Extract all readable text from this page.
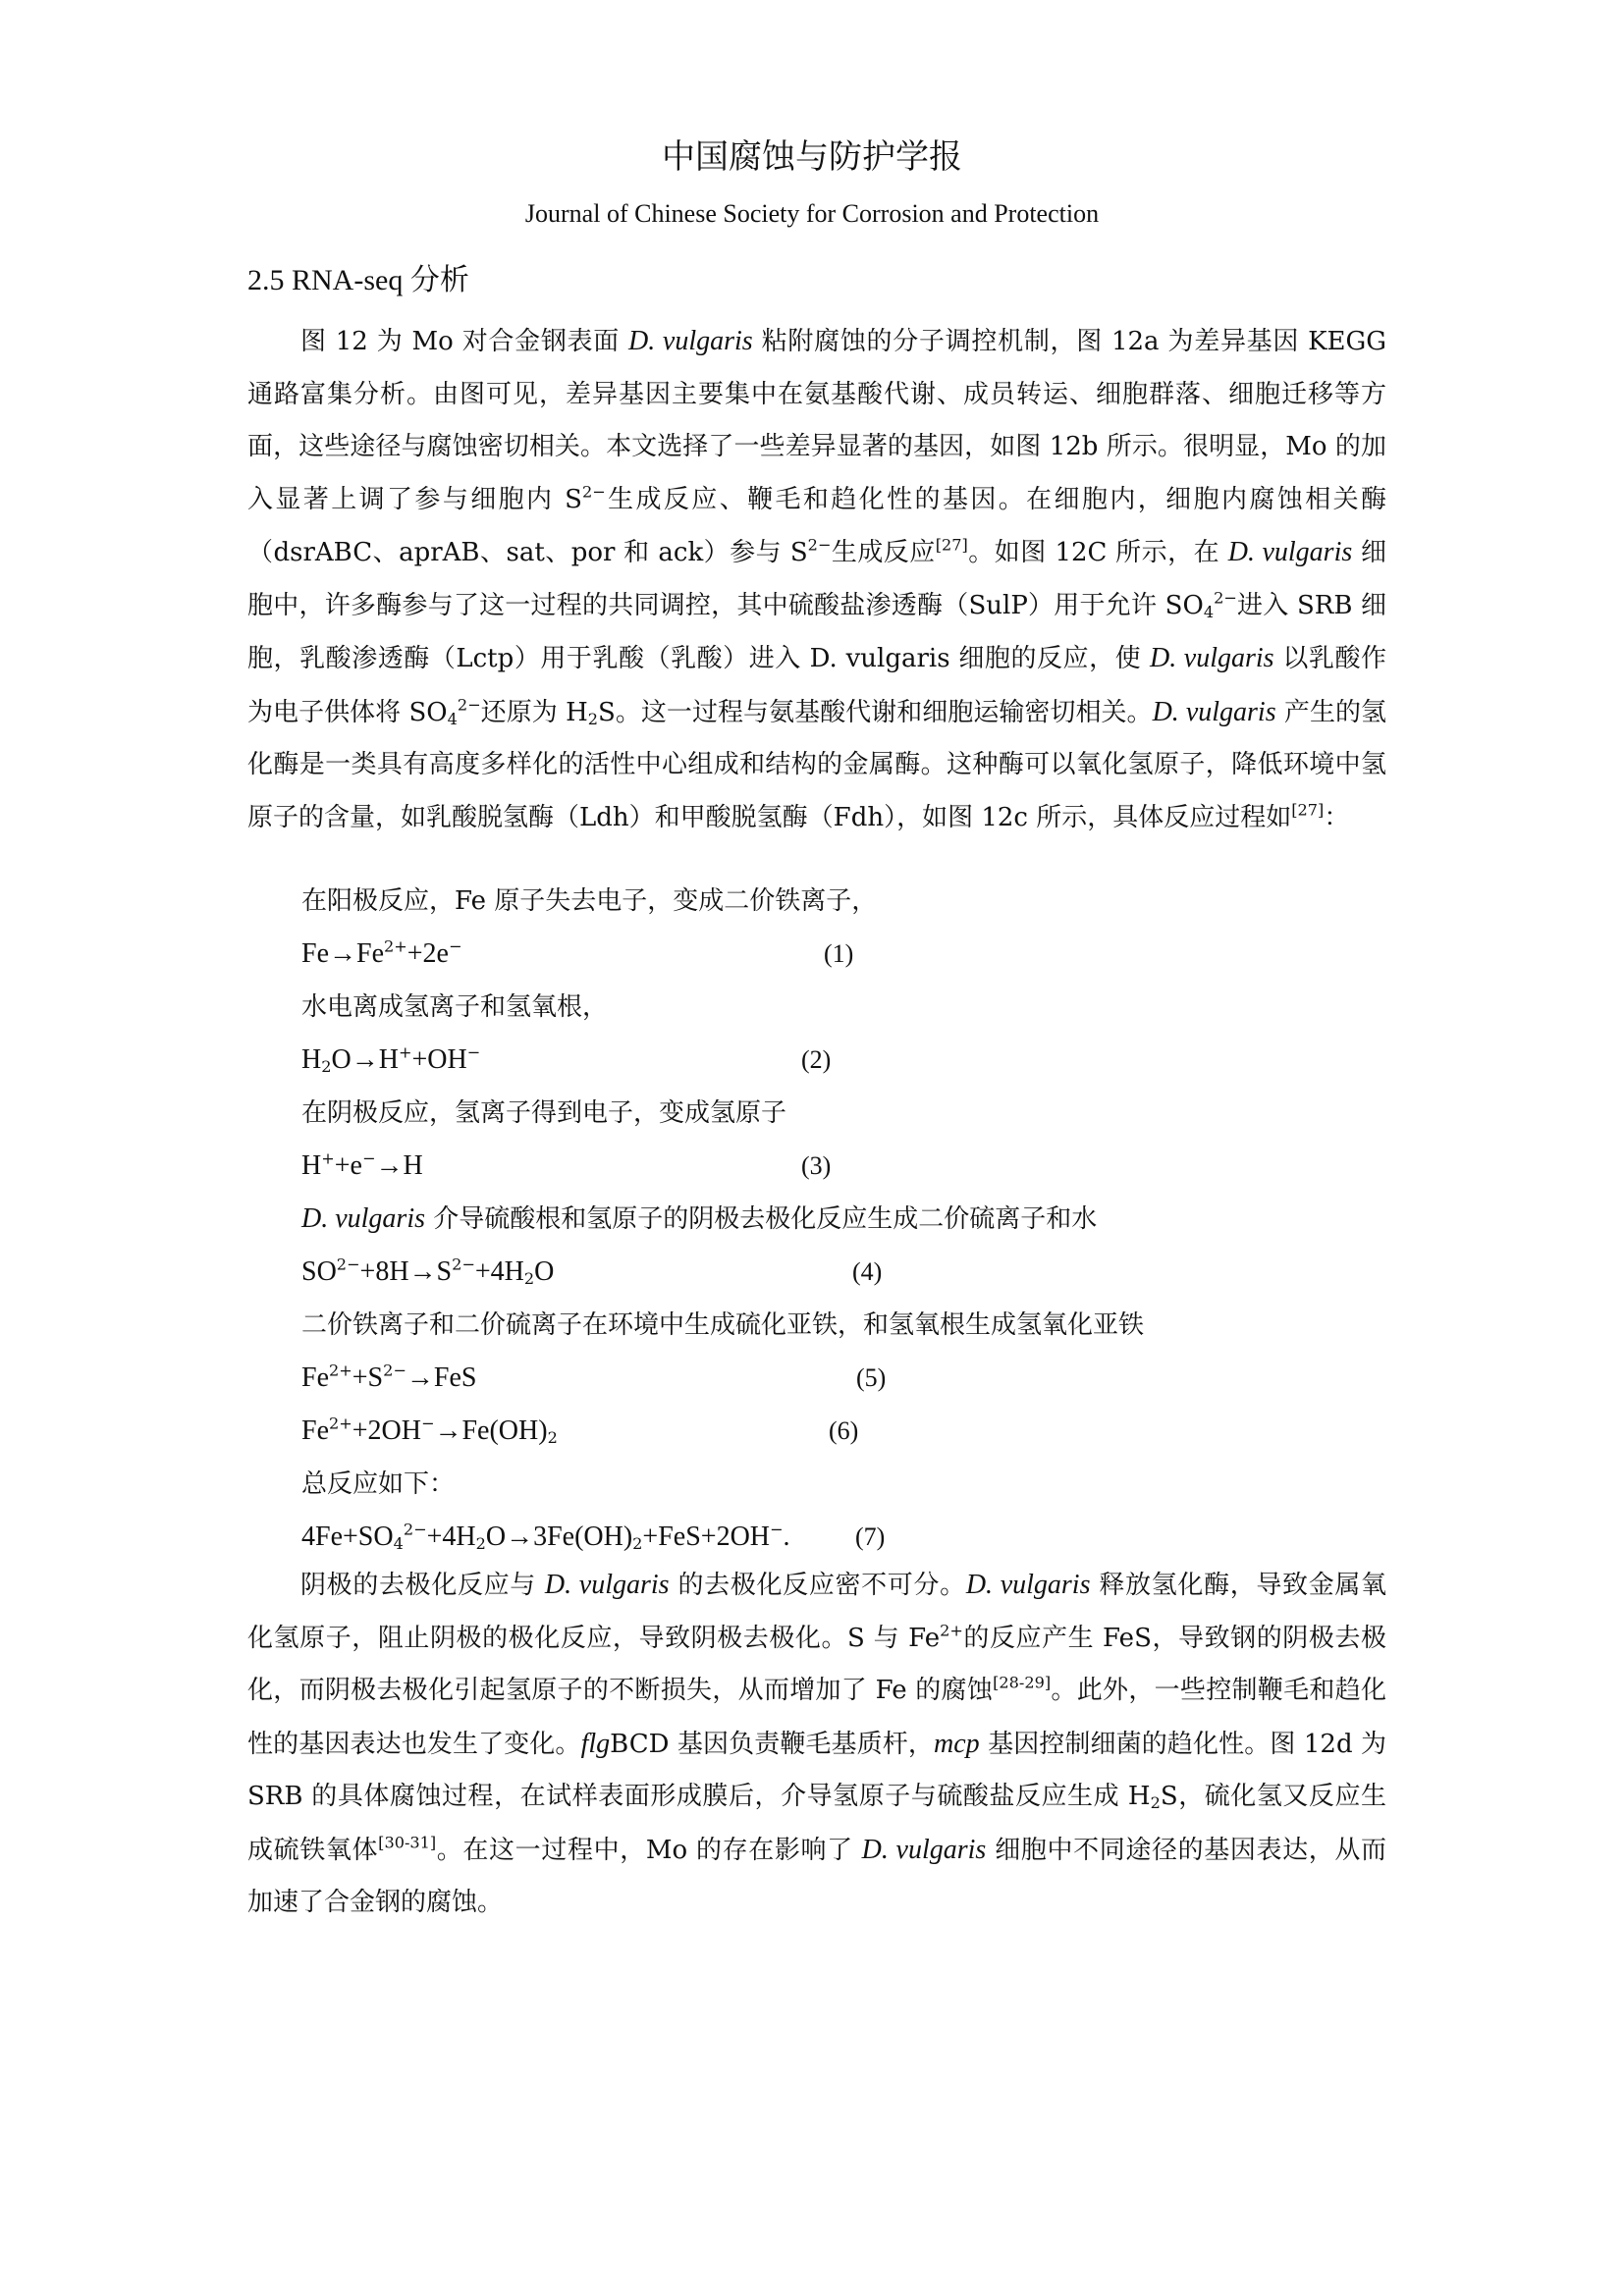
中国腐蚀与防护学报
Journal of Chinese Society for Corrosion and Protection
2.5 RNA-seq 分析

图 12 为 Mo 对合金钢表面 D. vulgaris 粘附腐蚀的分子调控机制，图 12a 为差异基因 KEGG 通路富集分析。由图可见，差异基因主要集中在氨基酸代谢、成员转运、细胞群落、细胞迁移等方面，这些途径与腐蚀密切相关。本文选择了一些差异显著的基因，如图 12b 所示。很明显，Mo 的加入显著上调了参与细胞内 $S^{2-}$生成反应、鞭毛和趋化性的基因。在细胞内，细胞内腐蚀相关酶（dsrABC、aprAB、sat、por 和 ack）参与 $S^{2-}$生成反应[27]。如图 12C 所示，在 D. vulgaris 细胞中，许多酶参与了这一过程的共同调控，其中硫酸盐渗透酶（SulP）用于允许 $SO_4^{2-}$进入 SRB 细胞，乳酸渗透酶（Lctp）用于乳酸（乳酸）进入 D. vulgaris 细胞的反应，使 D. vulgaris 以乳酸作为电子供体将 $SO_4^{2-}$还原为 $H_2S$。这一过程与氨基酸代谢和细胞运输密切相关。D. vulgaris 产生的氢化酶是一类具有高度多样化的活性中心组成和结构的金属酶。这种酶可以氧化氢原子，降低环境中氢原子的含量，如乳酸脱氢酶（Ldh）和甲酸脱氢酶（Fdh），如图 12c 所示，具体反应过程如[27]：

在阳极反应，Fe 原子失去电子，变成二价铁离子，
$Fe\to Fe^{2+}+2e^-$	(1)
水电离成氢离子和氢氧根，
$H_2O\to H^++OH^-$	(2)
在阴极反应，氢离子得到电子，变成氢原子
H++e−→H	(3)
D. vulgaris 介导硫酸根和氢原子的阴极去极化反应生成二价硫离子和水
$SO^{2-}+8H\to S^{2-}+4H_2O$	(4)
二价铁离子和二价硫离子在环境中生成硫化亚铁，和氢氧根生成氢氧化亚铁
$Fe^{2+}+S^{2-}\to FeS$	(5)
$Fe^{2+}+2OH^-\to Fe(OH)_2$	(6)
总反应如下：
$4Fe+SO_4^{2-}+4H_2O\to 3Fe(OH)_2+FeS+2OH^-$.	(7)

阴极的去极化反应与 D. vulgaris 的去极化反应密不可分。D. vulgaris 释放氢化酶，导致金属氧化氢原子，阻止阴极的极化反应，导致阴极去极化。S 与 $Fe^{2+}$的反应产生 FeS，导致钢的阴极去极化，而阴极去极化引起氢原子的不断损失，从而增加了 Fe 的腐蚀[28-29]。此外，一些控制鞭毛和趋化性的基因表达也发生了变化。flgBCD 基因负责鞭毛基质杆，mcp 基因控制细菌的趋化性。图 12d 为 SRB 的具体腐蚀过程，在试样表面形成膜后，介导氢原子与硫酸盐反应生成 $H_2S$，硫化氢又反应生成硫铁氧体[30-31]。在这一过程中，Mo 的存在影响了 D. vulgaris 细胞中不同途径的基因表达，从而加速了合金钢的腐蚀。
